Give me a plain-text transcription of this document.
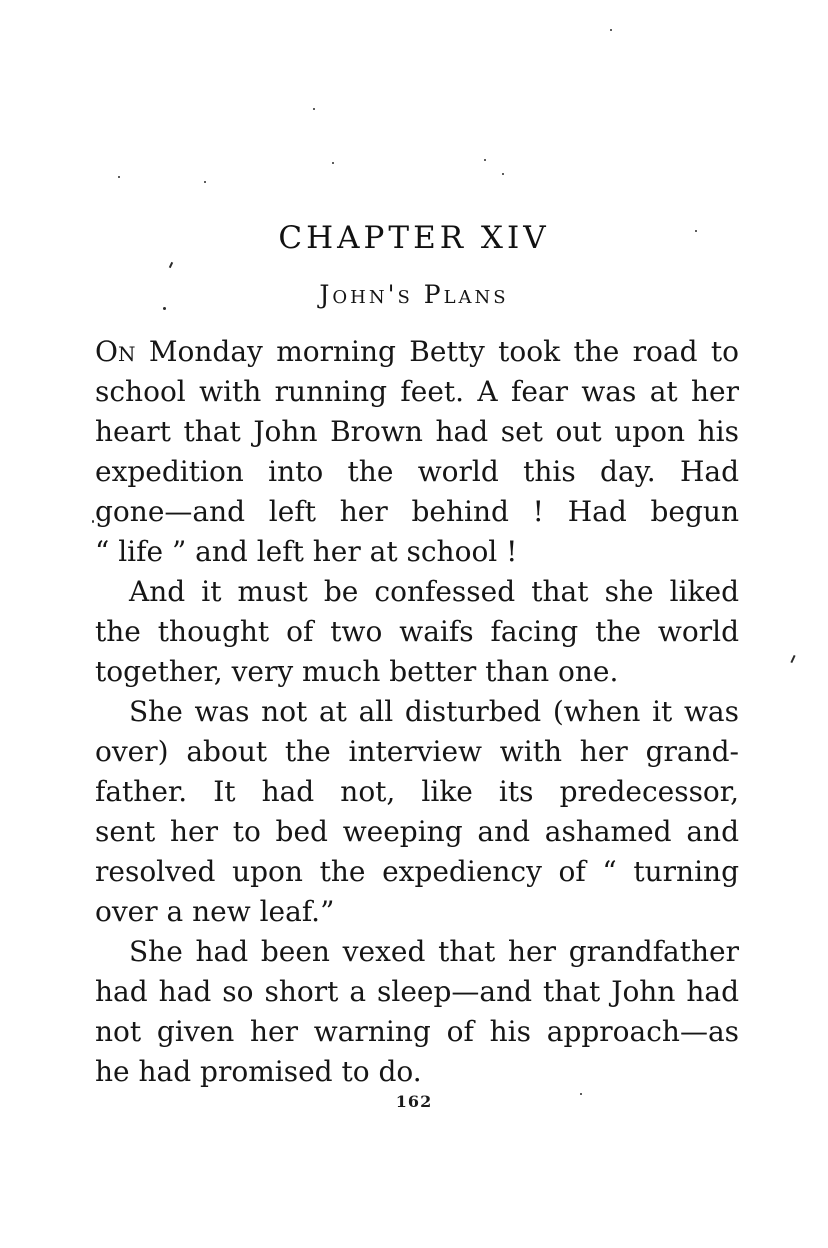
CHAPTER XIV
John's Plans
On Monday morning Betty took the road to
school with running feet. A fear was at her
heart that John Brown had set out upon his
expedition into the world this day. Had
gone—and left her behind ! Had begun
“ life ” and left her at school !
And it must be confessed that she liked
the thought of two waifs facing the world
together, very much better than one.
She was not at all disturbed (when it was
over) about the interview with her grand-
father. It had not, like its predecessor,
sent her to bed weeping and ashamed and
resolved upon the expediency of “ turning
over a new leaf.”
She had been vexed that her grandfather
had had so short a sleep—and that John had
not given her warning of his approach—as
he had promised to do.
162
